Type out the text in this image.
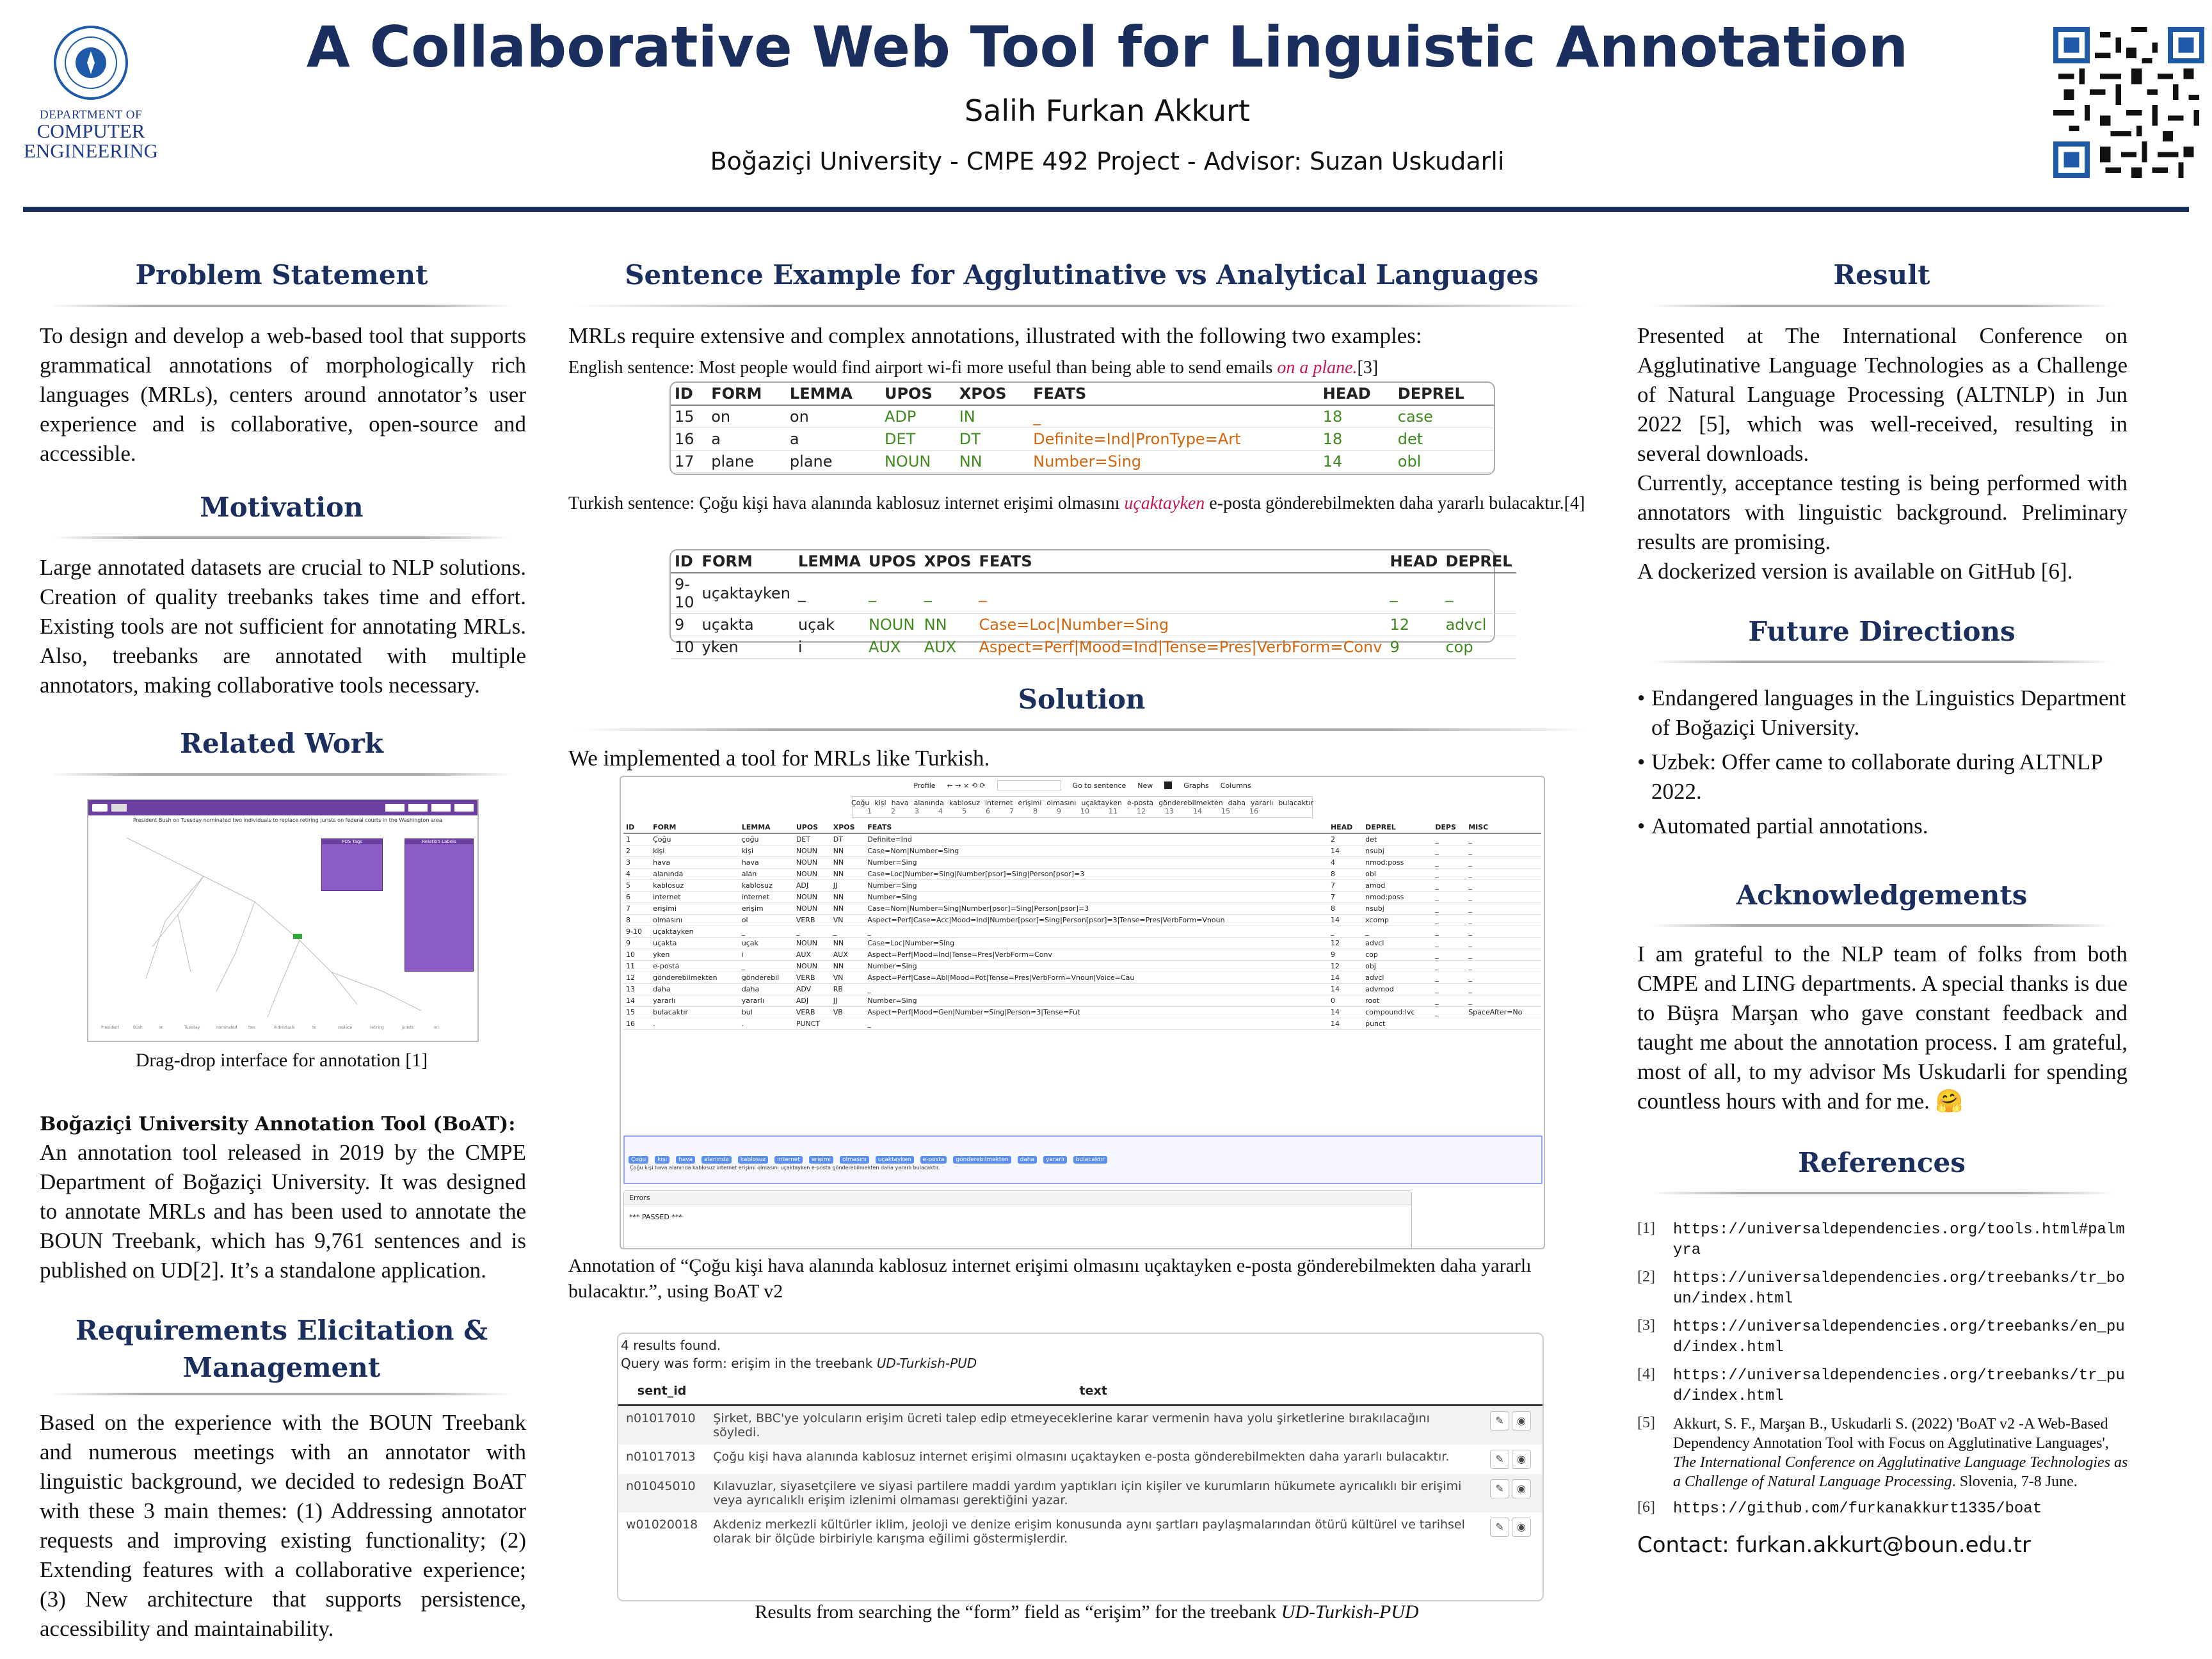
DEPARTMENT OF
COMPUTER
ENGINEERING
A Collaborative Web Tool for Linguistic Annotation
Salih Furkan Akkurt
Boğaziçi University - CMPE 492 Project - Advisor: Suzan Uskudarli
Problem Statement
To design and develop a web-based tool that supports grammatical annotations of morphologically rich languages (MRLs), centers around annotator’s user experience and is collaborative, open-source and accessible.
Motivation
Large annotated datasets are crucial to NLP solutions. Creation of quality treebanks takes time and effort. Existing tools are not sufficient for annotating MRLs. Also, treebanks are annotated with multiple annotators, making collaborative tools necessary.
Related Work
President Bush on Tuesday nominated two individuals to replace retiring jurists on federal courts in the Washington area
President	Bush	on	Tuesday	nominated	two	individuals	to	replace	retiring	jurists	on
POS Tags	Relation Labels
Drag-drop interface for annotation [1]
Boğaziçi University Annotation Tool (BoAT):
An annotation tool released in 2019 by the CMPE Department of Boğaziçi University. It was designed to annotate MRLs and has been used to annotate the BOUN Treebank, which has 9,761 sentences and is published on UD[2]. It’s a standalone application.
Requirements Elicitation & Management
Based on the experience with the BOUN Treebank and numerous meetings with an annotator with linguistic background, we decided to redesign BoAT with these 3 main themes: (1) Addressing annotator requests and improving existing functionality; (2) Extending features with a collaborative experience; (3) New architecture that supports persistence, accessibility and maintainability.
Sentence Example for Agglutinative vs Analytical Languages
MRLs require extensive and complex annotations, illustrated with the following two examples:
English sentence: Most people would find airport wi-fi more useful than being able to send emails on a plane.[3]
ID	FORM	LEMMA	UPOS	XPOS	FEATS	HEAD	DEPREL
15	on	on	ADP	IN	_	18	case
16	a	a	DET	DT	Definite=Ind|PronType=Art	18	det
17	plane	plane	NOUN	NN	Number=Sing	14	obl
Turkish sentence: Çoğu kişi hava alanında kablosuz internet erişimi olmasını uçaktayken e-posta gönderebilmekten daha yararlı bulacaktır.[4]
ID	FORM	LEMMA	UPOS	XPOS	FEATS	HEAD	DEPREL
9-10	uçaktayken	_	_	_	_	_	_
9	uçakta	uçak	NOUN	NN	Case=Loc|Number=Sing	12	advcl
10	yken	i	AUX	AUX	Aspect=Perf|Mood=Ind|Tense=Pres|VerbForm=Conv	9	cop
Solution
We implemented a tool for MRLs like Turkish.
Profile ← → × ⟲ ⟳	Go to sentence New	Graphs Columns
Çoğu kişi hava alanında kablosuz internet erişimi olmasını uçaktayken e-posta gönderebilmekten daha yararlı bulacaktır
1	2	3	4	5	6	7	8	9	10	11	12	13	14	15	16
ID	FORM	LEMMA	UPOS	XPOS	FEATS	HEAD	DEPREL	DEPS	MISC
1	Çoğu	çoğu	DET	DT	Definite=Ind	2	det	_	_
2	kişi	kişi	NOUN	NN	Case=Nom|Number=Sing	14	nsubj	_	_
3	hava	hava	NOUN	NN	Number=Sing	4	nmod:poss	_	_
4	alanında	alan	NOUN	NN	Case=Loc|Number=Sing|Number[psor]=Sing|Person[psor]=3	8	obl	_	_
5	kablosuz	kablosuz	ADJ	JJ	Number=Sing	7	amod	_	_
6	internet	internet	NOUN	NN	Number=Sing	7	nmod:poss	_	_
7	erişimi	erişim	NOUN	NN	Case=Nom|Number=Sing|Number[psor]=Sing|Person[psor]=3	8	nsubj	_	_
8	olmasını	ol	VERB	VN	Aspect=Perf|Case=Acc|Mood=Ind|Number[psor]=Sing|Person[psor]=3|Tense=Pres|VerbForm=Vnoun	14	xcomp	_	_
9-10	uçaktayken	_	_	_	_	_	_	_	_
9	uçakta	uçak	NOUN	NN	Case=Loc|Number=Sing	12	advcl	_	_
10	yken	i	AUX	AUX	Aspect=Perf|Mood=Ind|Tense=Pres|VerbForm=Conv	9	cop	_	_
11	e-posta	_	NOUN	NN	Number=Sing	12	obj	_	_
12	gönderebilmekten	gönderebil	VERB	VN	Aspect=Perf|Case=Abl|Mood=Pot|Tense=Pres|VerbForm=Vnoun|Voice=Cau	14	advcl	_	_
13	daha	daha	ADV	RB	_	14	advmod	_	_
14	yararlı	yararlı	ADJ	JJ	Number=Sing	0	root	_	_
15	bulacaktır	bul	VERB	VB	Aspect=Perf|Mood=Gen|Number=Sing|Person=3|Tense=Fut	14	compound:lvc	_	SpaceAfter=No
16	.	.	PUNCT		_	14	punct		
Çoğu	kişi	hava	alanında	kablosuz	internet	erişimi	olmasını	uçaktayken	e-posta	gönderebilmekten	daha	yararlı	bulacaktır
Çoğu kişi hava alanında kablosuz internet erişimi olmasını uçaktayken e-posta gönderebilmekten daha yararlı bulacaktır.
Errors
*** PASSED ***
Annotation of “Çoğu kişi hava alanında kablosuz internet erişimi olmasını uçaktayken e-posta gönderebilmekten daha yararlı bulacaktır.”, using BoAT v2
4 results found.
Query was form: erişim in the treebank UD-Turkish-PUD
sent_id	text	
n01017010	Şirket, BBC'ye yolcuların erişim ücreti talep edip etmeyeceklerine karar vermenin hava yolu şirketlerine bırakılacağını söyledi.	✎ ◉
n01017013	Çoğu kişi hava alanında kablosuz internet erişimi olmasını uçaktayken e-posta gönderebilmekten daha yararlı bulacaktır.	✎ ◉
n01045010	Kılavuzlar, siyasetçilere ve siyasi partilere maddi yardım yaptıkları için kişiler ve kurumların hükumete ayrıcalıklı bir erişimi veya ayrıcalıklı erişim izlenimi olmaması gerektiğini yazar.	✎ ◉
w01020018	Akdeniz merkezli kültürler iklim, jeoloji ve denize erişim konusunda aynı şartları paylaşmalarından ötürü kültürel ve tarihsel olarak bir ölçüde birbiriyle karışma eğilimi göstermişlerdir.	✎ ◉
Results from searching the “form” field as “erişim” for the treebank UD-Turkish-PUD
Result
Presented at The International Conference on Agglutinative Language Technologies as a Challenge of Natural Language Processing (ALTNLP) in Jun 2022 [5], which was well-received, resulting in several downloads.
Currently, acceptance testing is being performed with annotators with linguistic background. Preliminary results are promising.
A dockerized version is available on GitHub [6].
Future Directions
• Endangered languages in the Linguistics Department of Boğaziçi University.
• Uzbek: Offer came to collaborate during ALTNLP 2022.
• Automated partial annotations.
Acknowledgements
I am grateful to the NLP team of folks from both CMPE and LING departments. A special thanks is due to Büşra Marşan who gave constant feedback and taught me about the annotation process. I am grateful, most of all, to my advisor Ms Uskudarli for spending countless hours with and for me. 🤗
References
[1]	https://universaldependencies.org/tools.html#palmyra
[2]	https://universaldependencies.org/treebanks/tr_boun/index.html
[3]	https://universaldependencies.org/treebanks/en_pud/index.html
[4]	https://universaldependencies.org/treebanks/tr_pud/index.html
[5]	Akkurt, S. F., Marşan B., Uskudarli S. (2022) 'BoAT v2 -A Web-Based Dependency Annotation Tool with Focus on Agglutinative Languages', The International Conference on Agglutinative Language Technologies as a Challenge of Natural Language Processing. Slovenia, 7-8 June.
[6]	https://github.com/furkanakkurt1335/boat
Contact: furkan.akkurt@boun.edu.tr
